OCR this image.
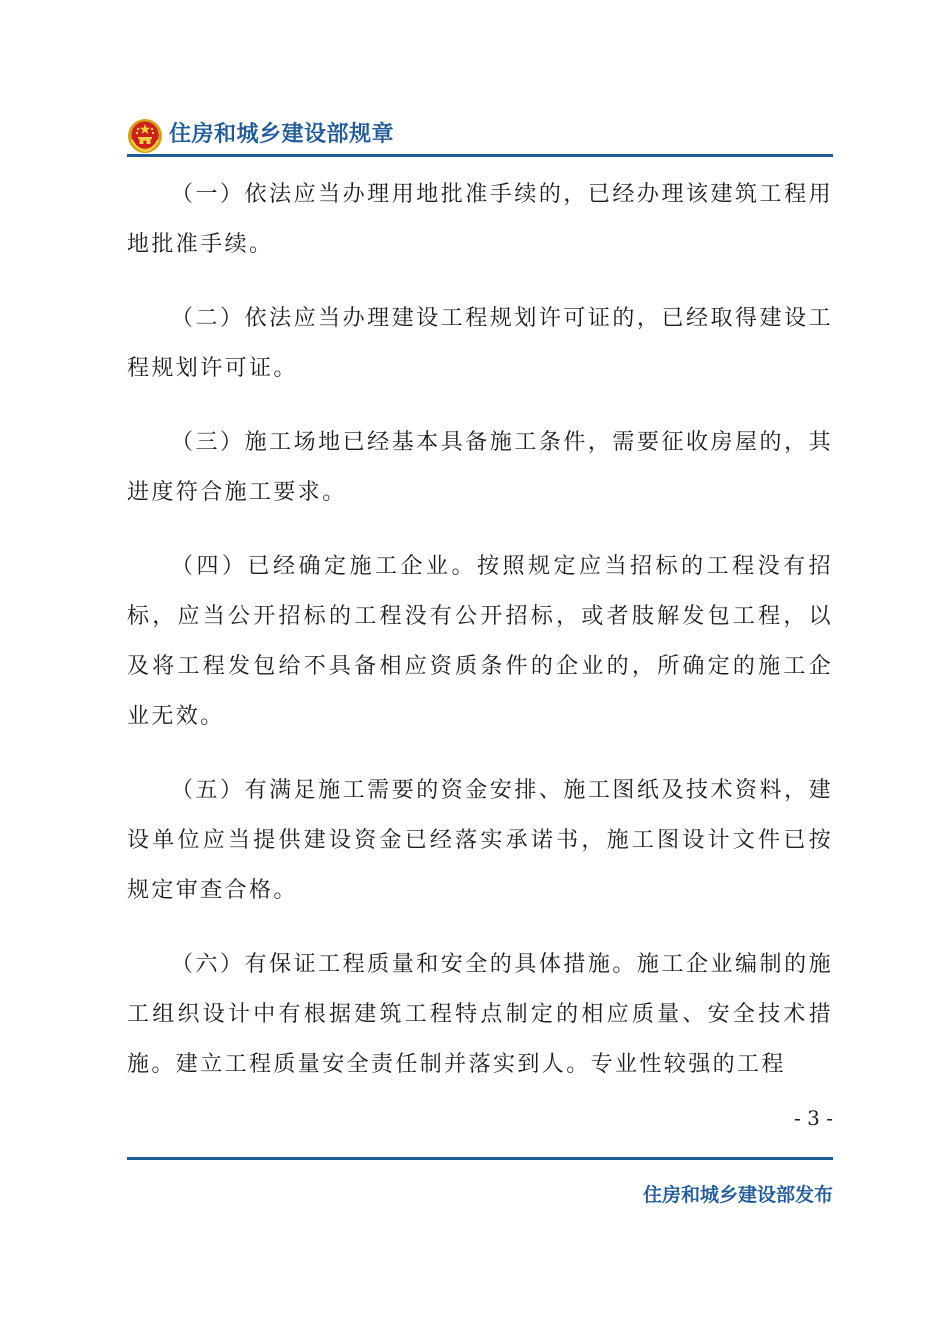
住房和城乡建设部规章

（一）依法应当办理用地批准手续的，已经办理该建筑工程用地批准手续。

（二）依法应当办理建设工程规划许可证的，已经取得建设工程规划许可证。

（三）施工场地已经基本具备施工条件，需要征收房屋的，其进度符合施工要求。

（四）已经确定施工企业。按照规定应当招标的工程没有招标，应当公开招标的工程没有公开招标，或者肢解发包工程，以及将工程发包给不具备相应资质条件的企业的，所确定的施工企业无效。

（五）有满足施工需要的资金安排、施工图纸及技术资料，建设单位应当提供建设资金已经落实承诺书，施工图设计文件已按规定审查合格。

（六）有保证工程质量和安全的具体措施。施工企业编制的施工组织设计中有根据建筑工程特点制定的相应质量、安全技术措施。建立工程质量安全责任制并落实到人。专业性较强的工程

- 3 -
住房和城乡建设部发布
